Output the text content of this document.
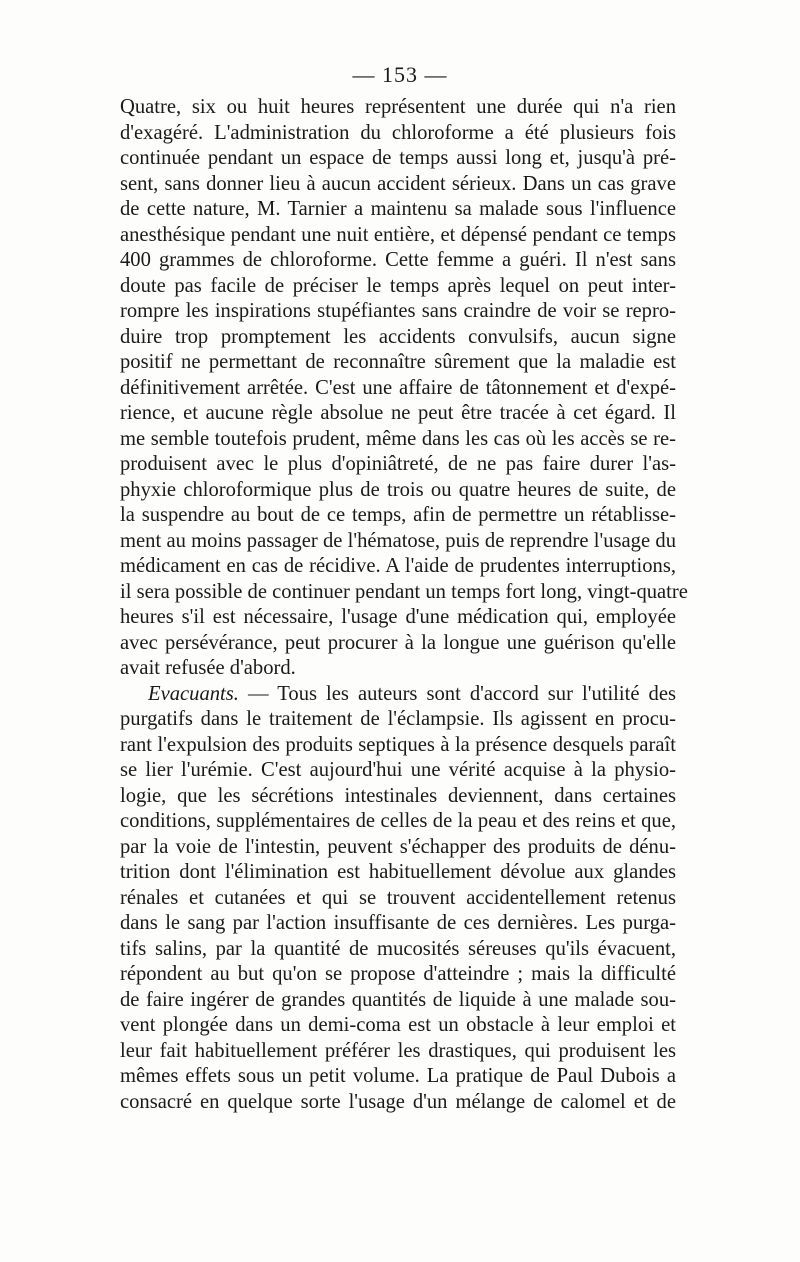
— 153 —
Quatre, six ou huit heures représentent une durée qui n'a rien
d'exagéré. L'administration du chloroforme a été plusieurs fois
continuée pendant un espace de temps aussi long et, jusqu'à pré-
sent, sans donner lieu à aucun accident sérieux. Dans un cas grave
de cette nature, M. Tarnier a maintenu sa malade sous l'influence
anesthésique pendant une nuit entière, et dépensé pendant ce temps
400 grammes de chloroforme. Cette femme a guéri. Il n'est sans
doute pas facile de préciser le temps après lequel on peut inter-
rompre les inspirations stupéfiantes sans craindre de voir se repro-
duire trop promptement les accidents convulsifs, aucun signe
positif ne permettant de reconnaître sûrement que la maladie est
définitivement arrêtée. C'est une affaire de tâtonnement et d'expé-
rience, et aucune règle absolue ne peut être tracée à cet égard. Il
me semble toutefois prudent, même dans les cas où les accès se re-
produisent avec le plus d'opiniâtreté, de ne pas faire durer l'as-
phyxie chloroformique plus de trois ou quatre heures de suite, de
la suspendre au bout de ce temps, afin de permettre un rétablisse-
ment au moins passager de l'hématose, puis de reprendre l'usage du
médicament en cas de récidive. A l'aide de prudentes interruptions,
il sera possible de continuer pendant un temps fort long, vingt-quatre
heures s'il est nécessaire, l'usage d'une médication qui, employée
avec persévérance, peut procurer à la longue une guérison qu'elle
avait refusée d'abord.
Evacuants. — Tous les auteurs sont d'accord sur l'utilité des
purgatifs dans le traitement de l'éclampsie. Ils agissent en procu-
rant l'expulsion des produits septiques à la présence desquels paraît
se lier l'urémie. C'est aujourd'hui une vérité acquise à la physio-
logie, que les sécrétions intestinales deviennent, dans certaines
conditions, supplémentaires de celles de la peau et des reins et que,
par la voie de l'intestin, peuvent s'échapper des produits de dénu-
trition dont l'élimination est habituellement dévolue aux glandes
rénales et cutanées et qui se trouvent accidentellement retenus
dans le sang par l'action insuffisante de ces dernières. Les purga-
tifs salins, par la quantité de mucosités séreuses qu'ils évacuent,
répondent au but qu'on se propose d'atteindre ; mais la difficulté
de faire ingérer de grandes quantités de liquide à une malade sou-
vent plongée dans un demi-coma est un obstacle à leur emploi et
leur fait habituellement préférer les drastiques, qui produisent les
mêmes effets sous un petit volume. La pratique de Paul Dubois a
consacré en quelque sorte l'usage d'un mélange de calomel et de
